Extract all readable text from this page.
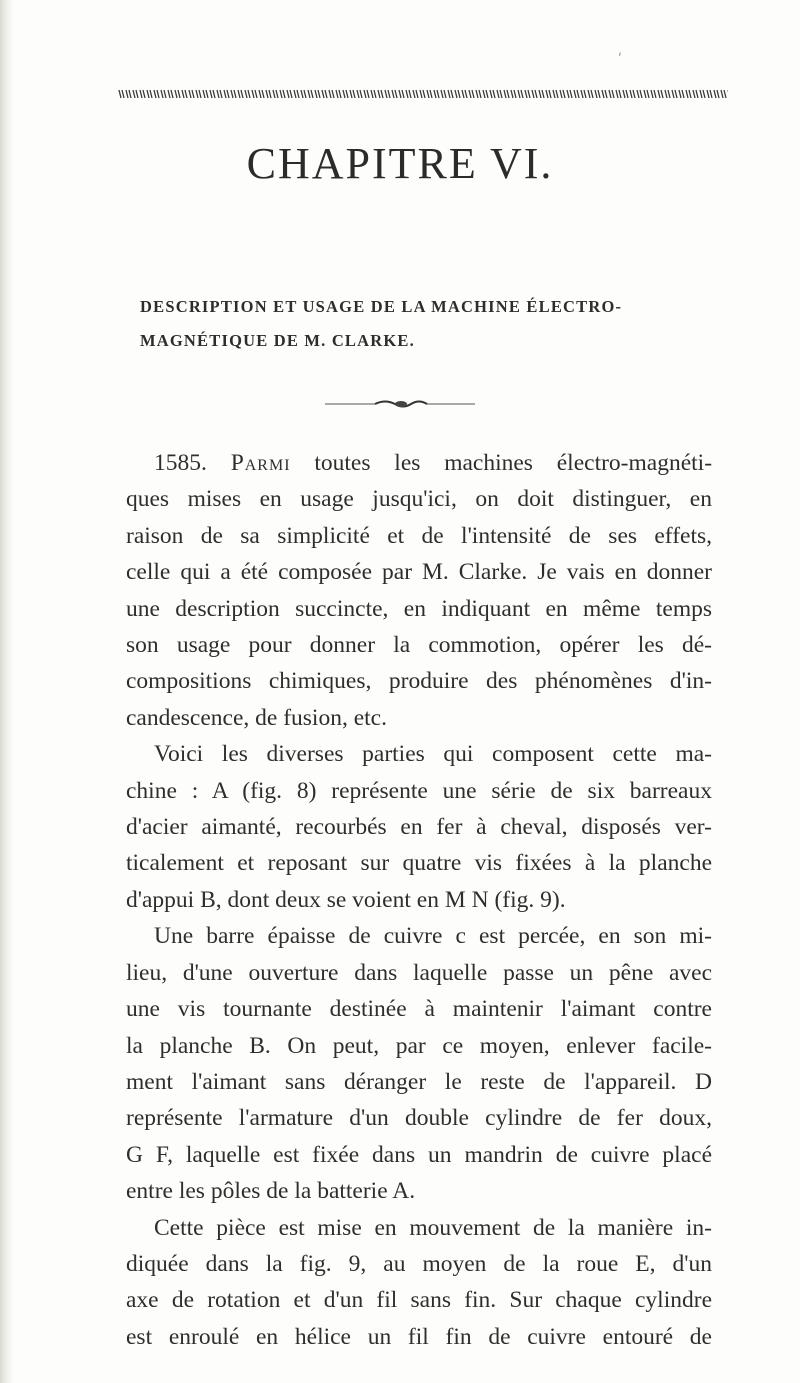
ʹ
CHAPITRE VI.
DESCRIPTION ET USAGE DE LA MACHINE ÉLECTRO-
MAGNÉTIQUE DE M. CLARKE.

1585. Parmi toutes les machines électro-magnéti-
ques mises en usage jusqu'ici, on doit distinguer, en
raison de sa simplicité et de l'intensité de ses effets,
celle qui a été composée par M. Clarke. Je vais en donner
une description succincte, en indiquant en même temps
son usage pour donner la commotion, opérer les dé-
compositions chimiques, produire des phénomènes d'in-
candescence, de fusion, etc.

Voici les diverses parties qui composent cette ma-
chine : A (fig. 8) représente une série de six barreaux
d'acier aimanté, recourbés en fer à cheval, disposés ver-
ticalement et reposant sur quatre vis fixées à la planche
d'appui B, dont deux se voient en M N (fig. 9).

Une barre épaisse de cuivre c est percée, en son mi-
lieu, d'une ouverture dans laquelle passe un pêne avec
une vis tournante destinée à maintenir l'aimant contre
la planche B. On peut, par ce moyen, enlever facile-
ment l'aimant sans déranger le reste de l'appareil. D
représente l'armature d'un double cylindre de fer doux,
G F, laquelle est fixée dans un mandrin de cuivre placé
entre les pôles de la batterie A.

Cette pièce est mise en mouvement de la manière in-
diquée dans la fig. 9, au moyen de la roue E, d'un
axe de rotation et d'un fil sans fin. Sur chaque cylindre
est enroulé en hélice un fil fin de cuivre entouré de
